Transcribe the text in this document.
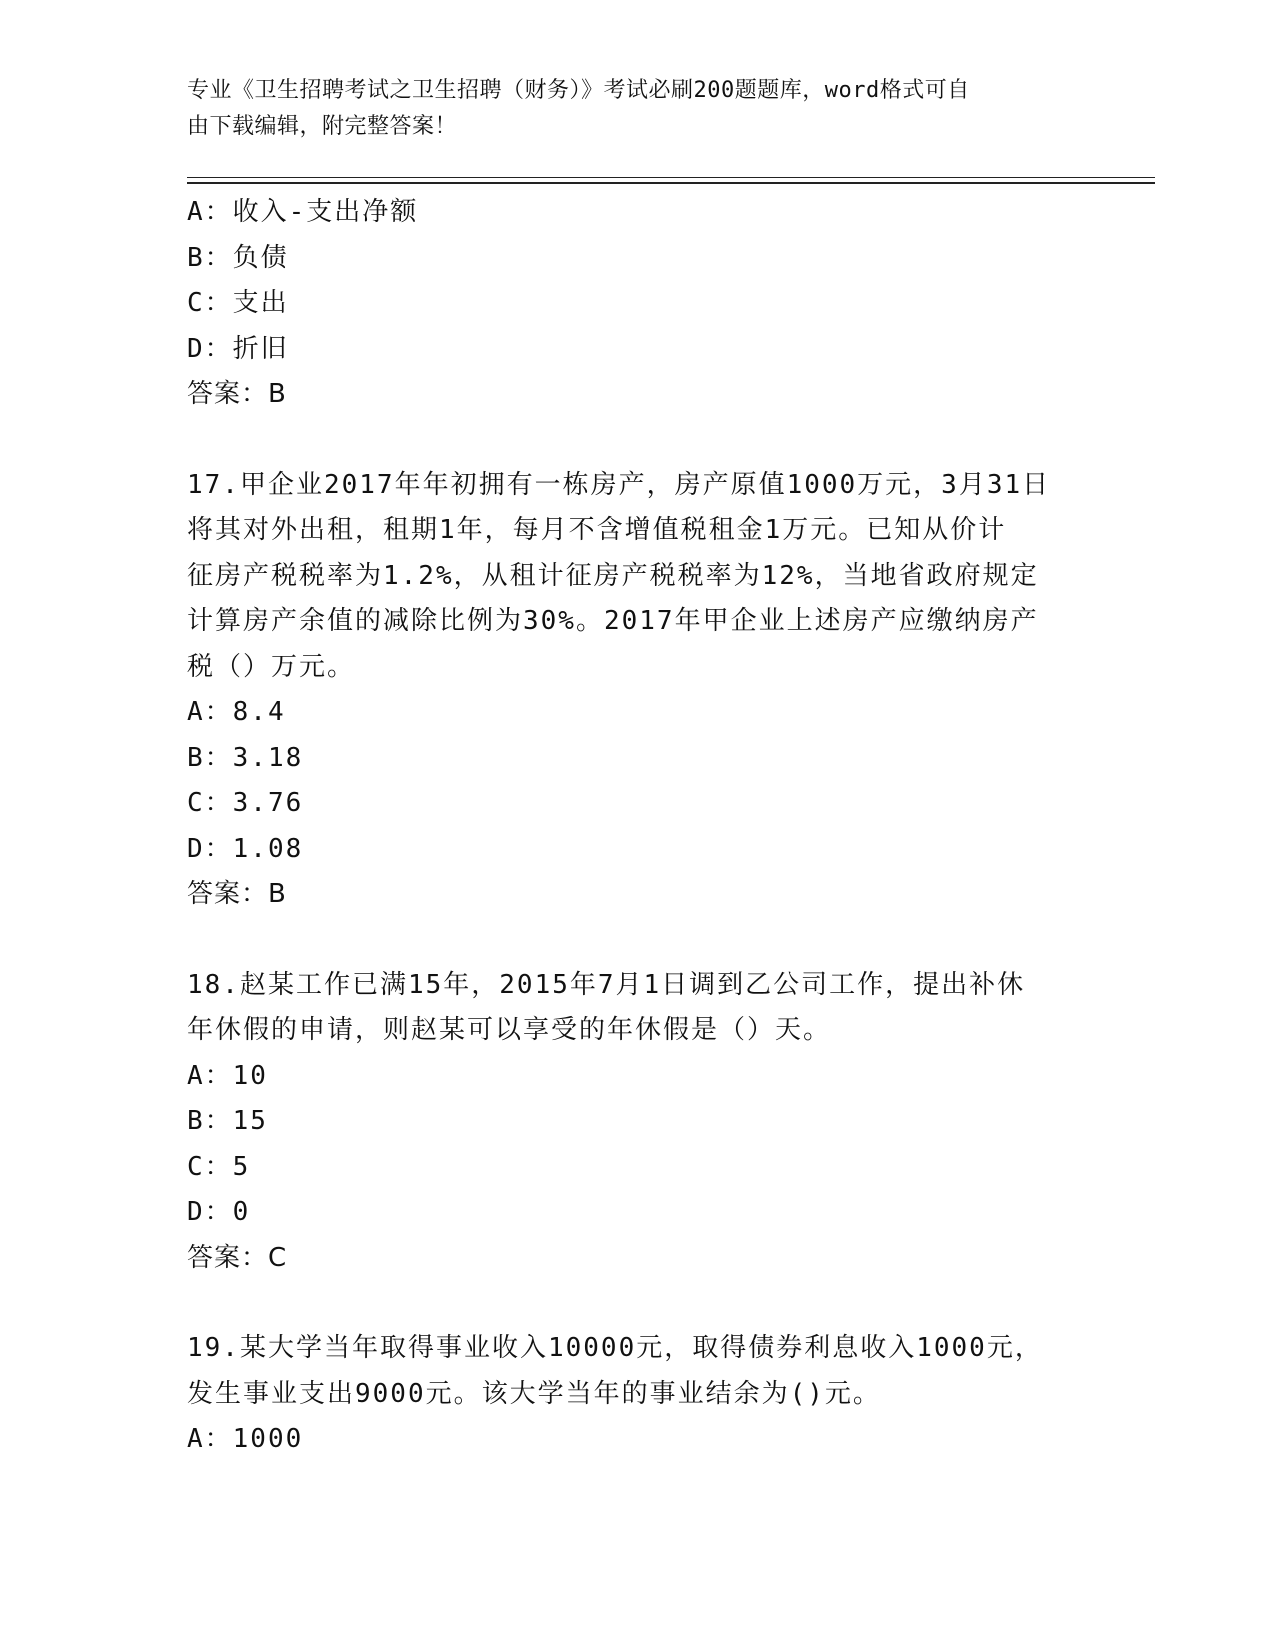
专业《卫生招聘考试之卫生招聘（财务）》考试必刷200题题库，word格式可自
由下载编辑，附完整答案！
A：收入-支出净额
B：负债
C：支出
D：折旧
答案：B
17.甲企业2017年年初拥有一栋房产，房产原值1000万元，3月31日
将其对外出租，租期1年，每月不含增值税租金1万元。已知从价计
征房产税税率为1.2%，从租计征房产税税率为12%，当地省政府规定
计算房产余值的减除比例为30%。2017年甲企业上述房产应缴纳房产
税（）万元。
A：8.4
B：3.18
C：3.76
D：1.08
答案：B
18.赵某工作已满15年，2015年7月1日调到乙公司工作，提出补休
年休假的申请，则赵某可以享受的年休假是（）天。
A：10
B：15
C：5
D：0
答案：C
19.某大学当年取得事业收入10000元，取得债券利息收入1000元，
发生事业支出9000元。该大学当年的事业结余为()元。
A：1000
